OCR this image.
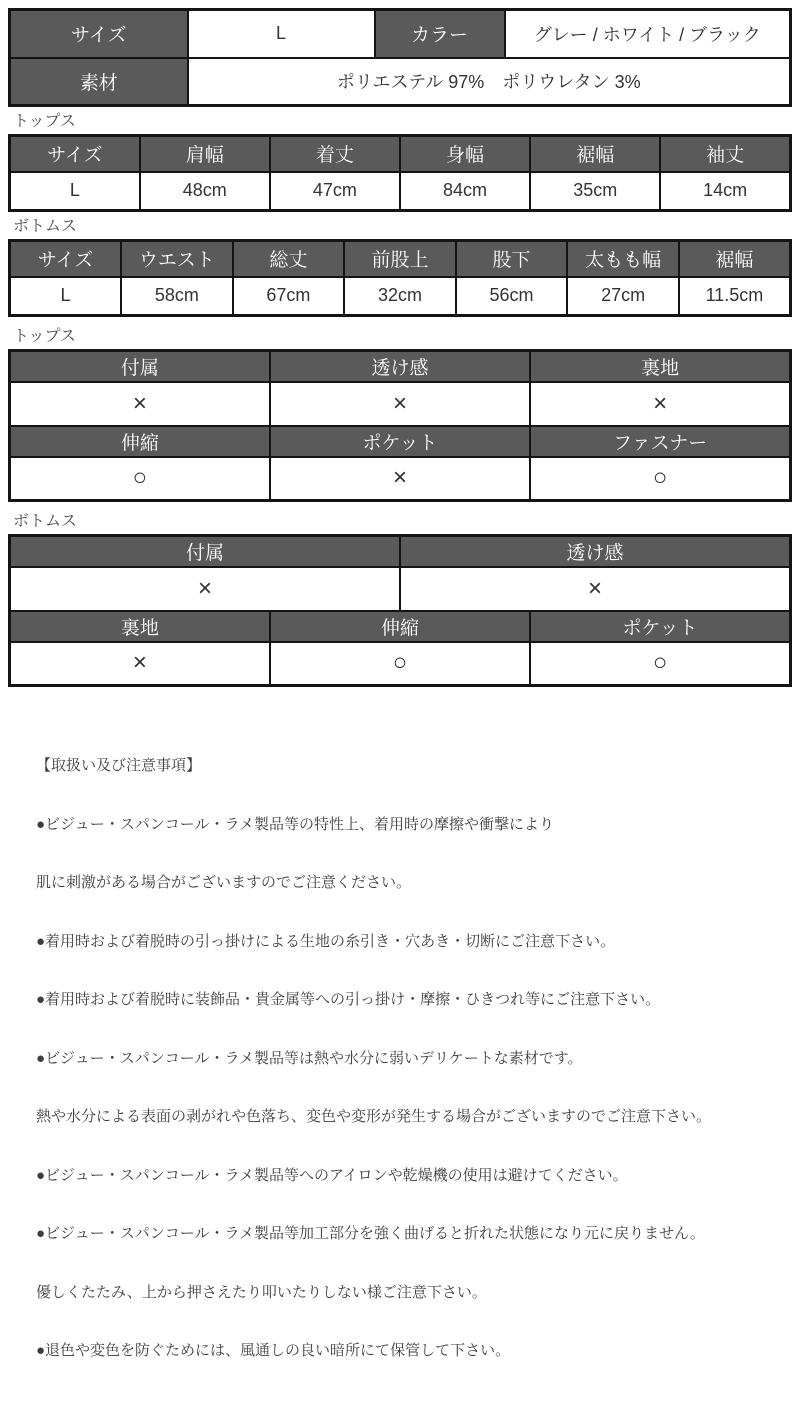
サイズ	L	カラー	グレー / ホワイト / ブラック
素材	ポリエステル 97%　ポリウレタン 3%		
トップス
サイズ	肩幅	着丈	身幅	裾幅	袖丈
L	48cm	47cm	84cm	35cm	14cm
ボトムス
サイズ	ウエスト	総丈	前股上	股下	太もも幅	裾幅
L	58cm	67cm	32cm	56cm	27cm	11.5cm
トップス
付属	透け感	裏地
×	×	×
伸縮	ポケット	ファスナー
○	×	○
ボトムス
付属		透け感	
×		×	
裏地	伸縮		ポケット
×	○		○

【取扱い及び注意事項】

●ビジュー・スパンコール・ラメ製品等の特性上、着用時の摩擦や衝撃により

肌に刺激がある場合がございますのでご注意ください。

●着用時および着脱時の引っ掛けによる生地の糸引き・穴あき・切断にご注意下さい。

●着用時および着脱時に装飾品・貴金属等への引っ掛け・摩擦・ひきつれ等にご注意下さい。

●ビジュー・スパンコール・ラメ製品等は熱や水分に弱いデリケートな素材です。

熱や水分による表面の剥がれや色落ち、変色や変形が発生する場合がございますのでご注意下さい。

●ビジュー・スパンコール・ラメ製品等へのアイロンや乾燥機の使用は避けてください。

●ビジュー・スパンコール・ラメ製品等加工部分を強く曲げると折れた状態になり元に戻りません。

優しくたたみ、上から押さえたり叩いたりしない様ご注意下さい。

●退色や変色を防ぐためには、風通しの良い暗所にて保管して下さい。
